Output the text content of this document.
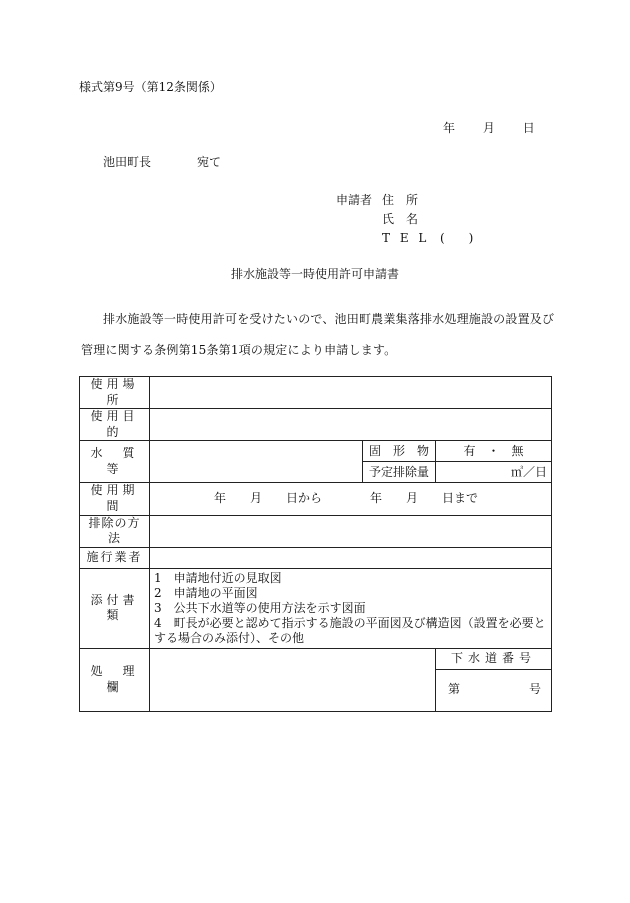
様式第9号（第12条関係）
年 月 日
池田町長	宛て
申請者 住　所
氏　名
T E L (　　)
排水施設等一時使用許可申請書
排水施設等一時使用許可を受けたいので、池田町農業集落排水処理施設の設置及び管理に関する条例第15条第1項の規定により申請します。
使用場所			
使用目的			
水　質　等		固　形　物	有　・　無
		予定排除量	㎥／日
使用期間	年　　月　　日から　　　　年　　月　　日まで		
排除の方法			
施行業者			
添付書類	1　申請地付近の見取図
2　申請地の平面図
3　公共下水道等の使用方法を示す図面
4　町長が必要と認めて指示する施設の平面図及び構造図（設置を必要とする場合のみ添付）、その他		

処　理　欄			下水道番号
			第 号
